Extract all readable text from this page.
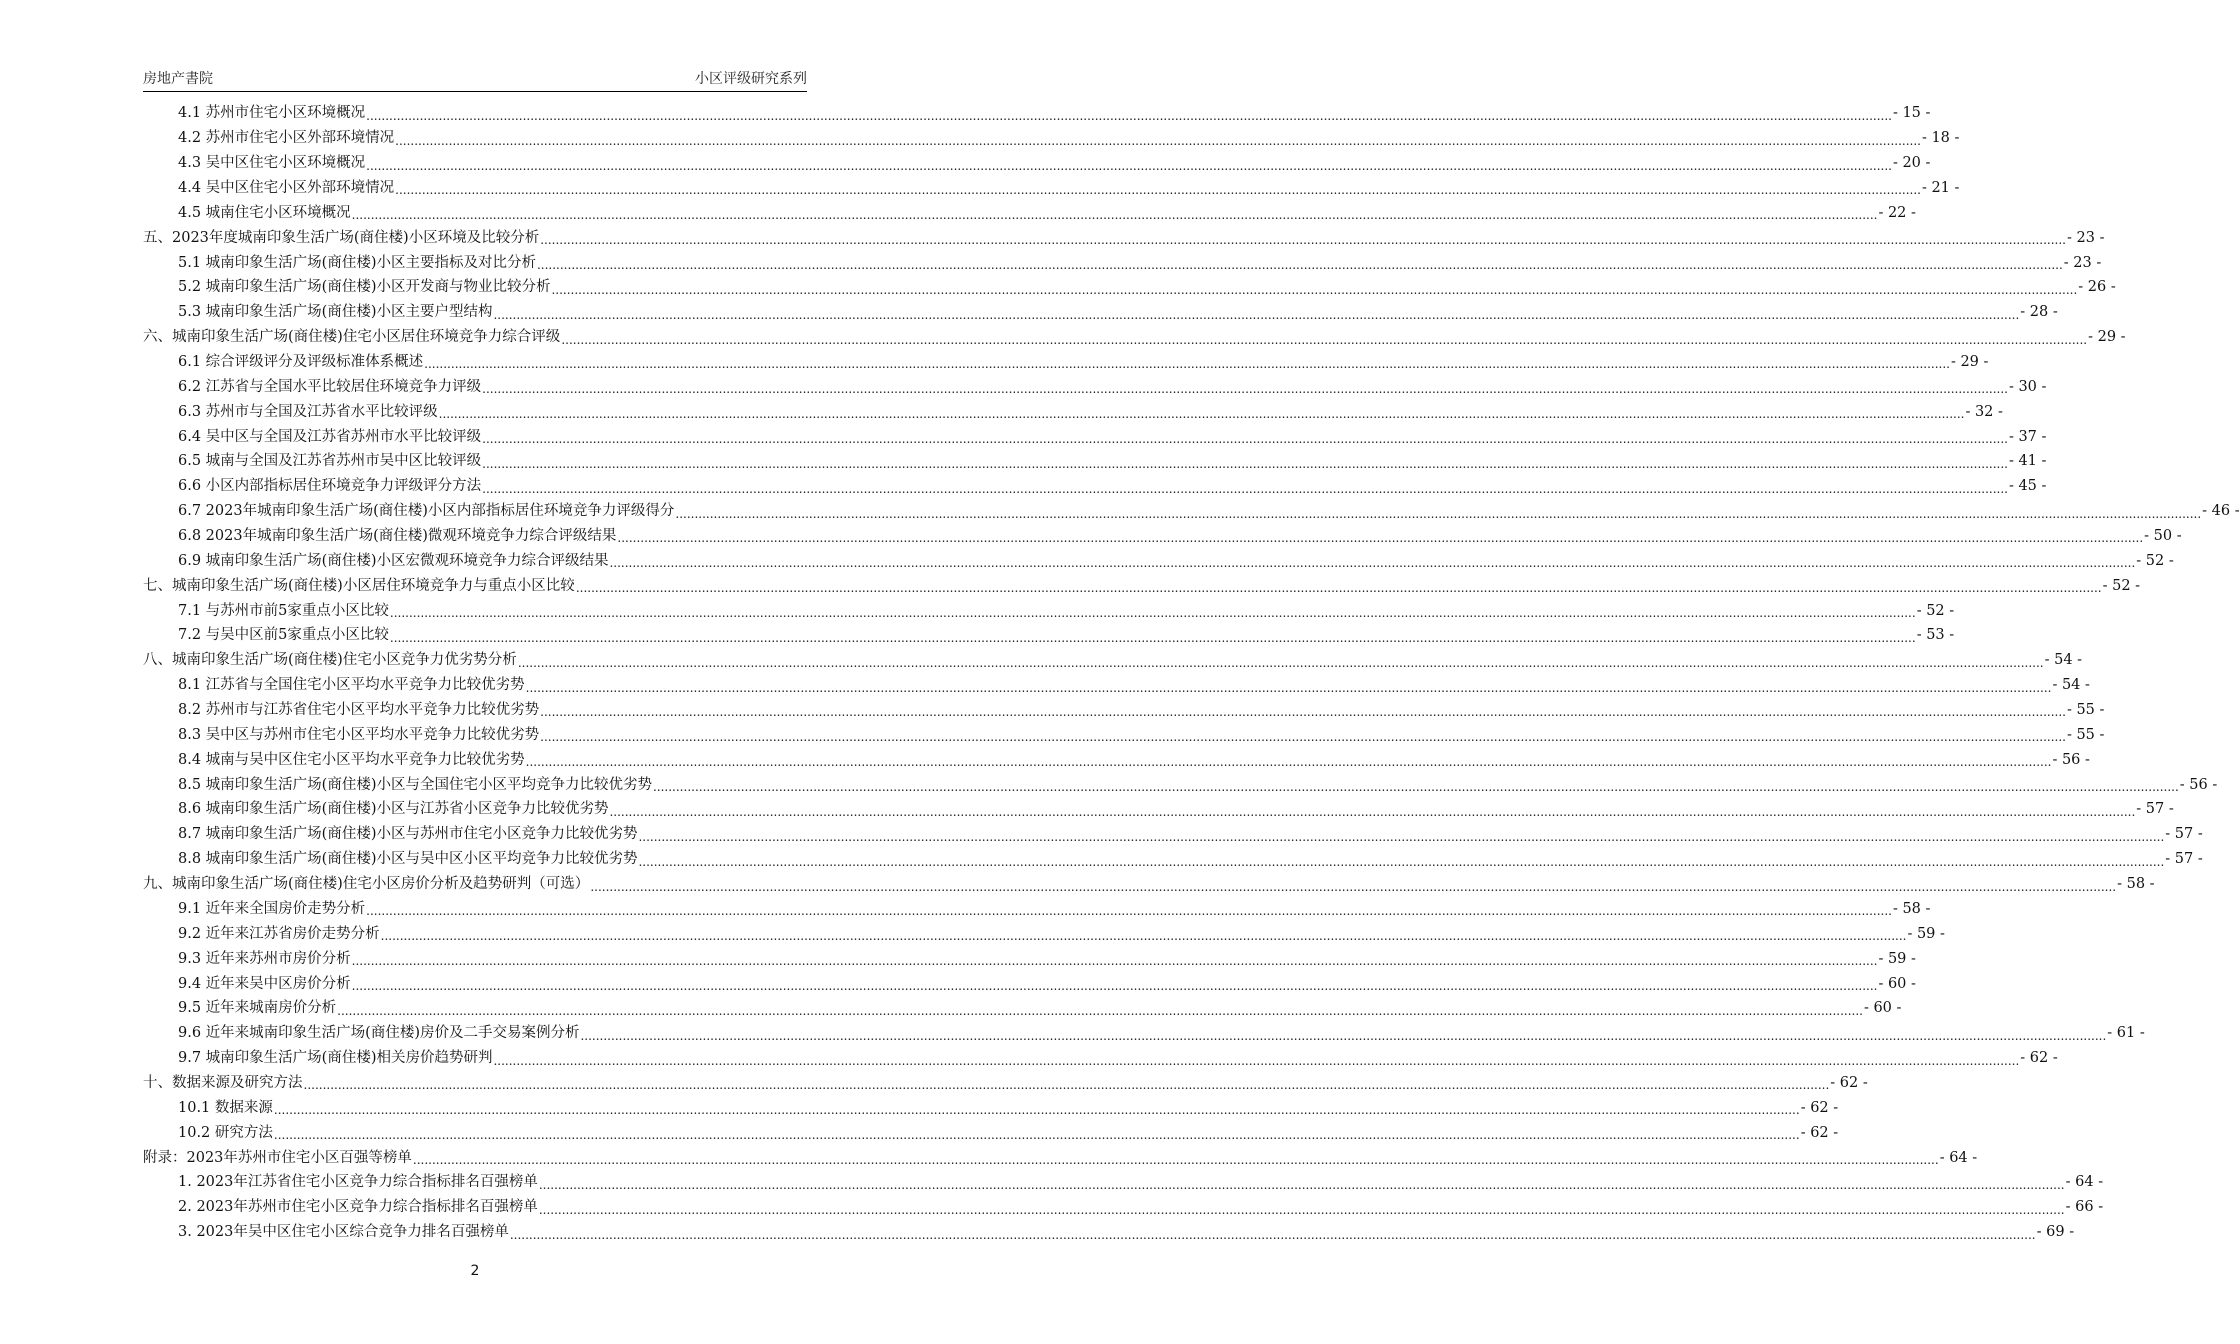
房地产書院	小区评级研究系列
4.1 苏州市住宅小区环境概况 ................................................................................................................................................................................................................................................................................................................................................................................................................ - 15 -
4.2 苏州市住宅小区外部环境情况 ................................................................................................................................................................................................................................................................................................................................................................................................................ - 18 -
4.3 吴中区住宅小区环境概况 ................................................................................................................................................................................................................................................................................................................................................................................................................ - 20 -
4.4 吴中区住宅小区外部环境情况 ................................................................................................................................................................................................................................................................................................................................................................................................................ - 21 -
4.5 城南住宅小区环境概况 ................................................................................................................................................................................................................................................................................................................................................................................................................ - 22 -
五、2023年度城南印象生活广场(商住楼)小区环境及比较分析 ................................................................................................................................................................................................................................................................................................................................................................................................................ - 23 -
5.1 城南印象生活广场(商住楼)小区主要指标及对比分析 ................................................................................................................................................................................................................................................................................................................................................................................................................ - 23 -
5.2 城南印象生活广场(商住楼)小区开发商与物业比较分析 ................................................................................................................................................................................................................................................................................................................................................................................................................ - 26 -
5.3 城南印象生活广场(商住楼)小区主要户型结构 ................................................................................................................................................................................................................................................................................................................................................................................................................ - 28 -
六、城南印象生活广场(商住楼)住宅小区居住环境竞争力综合评级 ................................................................................................................................................................................................................................................................................................................................................................................................................ - 29 -
6.1 综合评级评分及评级标准体系概述 ................................................................................................................................................................................................................................................................................................................................................................................................................ - 29 -
6.2 江苏省与全国水平比较居住环境竞争力评级 ................................................................................................................................................................................................................................................................................................................................................................................................................ - 30 -
6.3 苏州市与全国及江苏省水平比较评级 ................................................................................................................................................................................................................................................................................................................................................................................................................ - 32 -
6.4 吴中区与全国及江苏省苏州市水平比较评级 ................................................................................................................................................................................................................................................................................................................................................................................................................ - 37 -
6.5 城南与全国及江苏省苏州市吴中区比较评级 ................................................................................................................................................................................................................................................................................................................................................................................................................ - 41 -
6.6 小区内部指标居住环境竞争力评级评分方法 ................................................................................................................................................................................................................................................................................................................................................................................................................ - 45 -
6.7 2023年城南印象生活广场(商住楼)小区内部指标居住环境竞争力评级得分 ................................................................................................................................................................................................................................................................................................................................................................................................................ - 46 -
6.8 2023年城南印象生活广场(商住楼)微观环境竞争力综合评级结果 ................................................................................................................................................................................................................................................................................................................................................................................................................ - 50 -
6.9 城南印象生活广场(商住楼)小区宏微观环境竞争力综合评级结果 ................................................................................................................................................................................................................................................................................................................................................................................................................ - 52 -
七、城南印象生活广场(商住楼)小区居住环境竞争力与重点小区比较 ................................................................................................................................................................................................................................................................................................................................................................................................................ - 52 -
7.1 与苏州市前5家重点小区比较 ................................................................................................................................................................................................................................................................................................................................................................................................................ - 52 -
7.2 与吴中区前5家重点小区比较 ................................................................................................................................................................................................................................................................................................................................................................................................................ - 53 -
八、城南印象生活广场(商住楼)住宅小区竞争力优劣势分析 ................................................................................................................................................................................................................................................................................................................................................................................................................ - 54 -
8.1 江苏省与全国住宅小区平均水平竞争力比较优劣势 ................................................................................................................................................................................................................................................................................................................................................................................................................ - 54 -
8.2 苏州市与江苏省住宅小区平均水平竞争力比较优劣势 ................................................................................................................................................................................................................................................................................................................................................................................................................ - 55 -
8.3 吴中区与苏州市住宅小区平均水平竞争力比较优劣势 ................................................................................................................................................................................................................................................................................................................................................................................................................ - 55 -
8.4 城南与吴中区住宅小区平均水平竞争力比较优劣势 ................................................................................................................................................................................................................................................................................................................................................................................................................ - 56 -
8.5 城南印象生活广场(商住楼)小区与全国住宅小区平均竞争力比较优劣势 ................................................................................................................................................................................................................................................................................................................................................................................................................ - 56 -
8.6 城南印象生活广场(商住楼)小区与江苏省小区竞争力比较优劣势 ................................................................................................................................................................................................................................................................................................................................................................................................................ - 57 -
8.7 城南印象生活广场(商住楼)小区与苏州市住宅小区竞争力比较优劣势 ................................................................................................................................................................................................................................................................................................................................................................................................................ - 57 -
8.8 城南印象生活广场(商住楼)小区与吴中区小区平均竞争力比较优劣势 ................................................................................................................................................................................................................................................................................................................................................................................................................ - 57 -
九、城南印象生活广场(商住楼)住宅小区房价分析及趋势研判（可选） ................................................................................................................................................................................................................................................................................................................................................................................................................ - 58 -
9.1 近年来全国房价走势分析 ................................................................................................................................................................................................................................................................................................................................................................................................................ - 58 -
9.2 近年来江苏省房价走势分析 ................................................................................................................................................................................................................................................................................................................................................................................................................ - 59 -
9.3 近年来苏州市房价分析 ................................................................................................................................................................................................................................................................................................................................................................................................................ - 59 -
9.4 近年来吴中区房价分析 ................................................................................................................................................................................................................................................................................................................................................................................................................ - 60 -
9.5 近年来城南房价分析 ................................................................................................................................................................................................................................................................................................................................................................................................................ - 60 -
9.6 近年来城南印象生活广场(商住楼)房价及二手交易案例分析 ................................................................................................................................................................................................................................................................................................................................................................................................................ - 61 -
9.7 城南印象生活广场(商住楼)相关房价趋势研判 ................................................................................................................................................................................................................................................................................................................................................................................................................ - 62 -
十、数据来源及研究方法 ................................................................................................................................................................................................................................................................................................................................................................................................................ - 62 -
10.1 数据来源 ................................................................................................................................................................................................................................................................................................................................................................................................................ - 62 -
10.2 研究方法 ................................................................................................................................................................................................................................................................................................................................................................................................................ - 62 -
附录：2023年苏州市住宅小区百强等榜单 ................................................................................................................................................................................................................................................................................................................................................................................................................ - 64 -
1. 2023年江苏省住宅小区竞争力综合指标排名百强榜单 ................................................................................................................................................................................................................................................................................................................................................................................................................ - 64 -
2. 2023年苏州市住宅小区竞争力综合指标排名百强榜单 ................................................................................................................................................................................................................................................................................................................................................................................................................ - 66 -
3. 2023年吴中区住宅小区综合竞争力排名百强榜单 ................................................................................................................................................................................................................................................................................................................................................................................................................ - 69 -
2
